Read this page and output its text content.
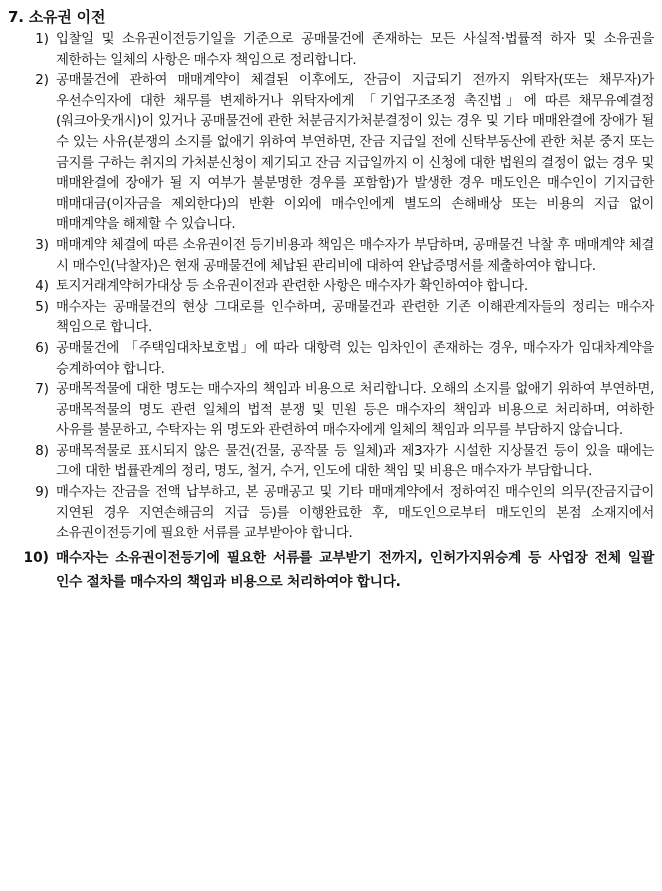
7. 소유권 이전
1) 입찰일 및 소유권이전등기일을 기준으로 공매물건에 존재하는 모든 사실적·법률적 하자 및 소유권을 제한하는 일체의 사항은 매수자 책임으로 정리합니다.
2) 공매물건에 관하여 매매계약이 체결된 이후에도, 잔금이 지급되기 전까지 위탁자(또는 채무자)가 우선수익자에 대한 채무를 변제하거나 위탁자에게 「기업구조조정 촉진법」에 따른 채무유예결정(워크아웃개시)이 있거나 공매물건에 관한 처분금지가처분결정이 있는 경우 및 기타 매매완결에 장애가 될 수 있는 사유(분쟁의 소지를 없애기 위하여 부연하면, 잔금 지급일 전에 신탁부동산에 관한 처분 중지 또는 금지를 구하는 취지의 가처분신청이 제기되고 잔금 지급일까지 이 신청에 대한 법원의 결정이 없는 경우 및 매매완결에 장애가 될 지 여부가 불분명한 경우를 포함함)가 발생한 경우 매도인은 매수인이 기지급한 매매대금(이자금을 제외한다)의 반환 이외에 매수인에게 별도의 손해배상 또는 비용의 지급 없이 매매계약을 해제할 수 있습니다.
3) 매매계약 체결에 따른 소유권이전 등기비용과 책임은 매수자가 부담하며, 공매물건 낙찰 후 매매계약 체결 시 매수인(낙찰자)은 현재 공매물건에 체납된 관리비에 대하여 완납증명서를 제출하여야 합니다.
4) 토지거래계약허가대상 등 소유권이전과 관련한 사항은 매수자가 확인하여야 합니다.
5) 매수자는 공매물건의 현상 그대로를 인수하며, 공매물건과 관련한 기존 이해관계자들의 정리는 매수자 책임으로 합니다.
6) 공매물건에 「주택임대차보호법」에 따라 대항력 있는 임차인이 존재하는 경우, 매수자가 임대차계약을 승계하여야 합니다.
7) 공매목적물에 대한 명도는 매수자의 책임과 비용으로 처리합니다. 오해의 소지를 없애기 위하여 부연하면, 공매목적물의 명도 관련 일체의 법적 분쟁 및 민원 등은 매수자의 책임과 비용으로 처리하며, 여하한 사유를 불문하고, 수탁자는 위 명도와 관련하여 매수자에게 일체의 책임과 의무를 부담하지 않습니다.
8) 공매목적물로 표시되지 않은 물건(건물, 공작물 등 일체)과 제3자가 시설한 지상물건 등이 있을 때에는 그에 대한 법률관계의 정리, 명도, 철거, 수거, 인도에 대한 책임 및 비용은 매수자가 부담합니다.
9) 매수자는 잔금을 전액 납부하고, 본 공매공고 및 기타 매매계약에서 정하여진 매수인의 의무(잔금지급이 지연된 경우 지연손해금의 지급 등)를 이행완료한 후, 매도인으로부터 매도인의 본점 소재지에서 소유권이전등기에 필요한 서류를 교부받아야 합니다.
10) 매수자는 소유권이전등기에 필요한 서류를 교부받기 전까지, 인허가지위승계 등 사업장 전체 일괄 인수 절차를 매수자의 책임과 비용으로 처리하여야 합니다.
